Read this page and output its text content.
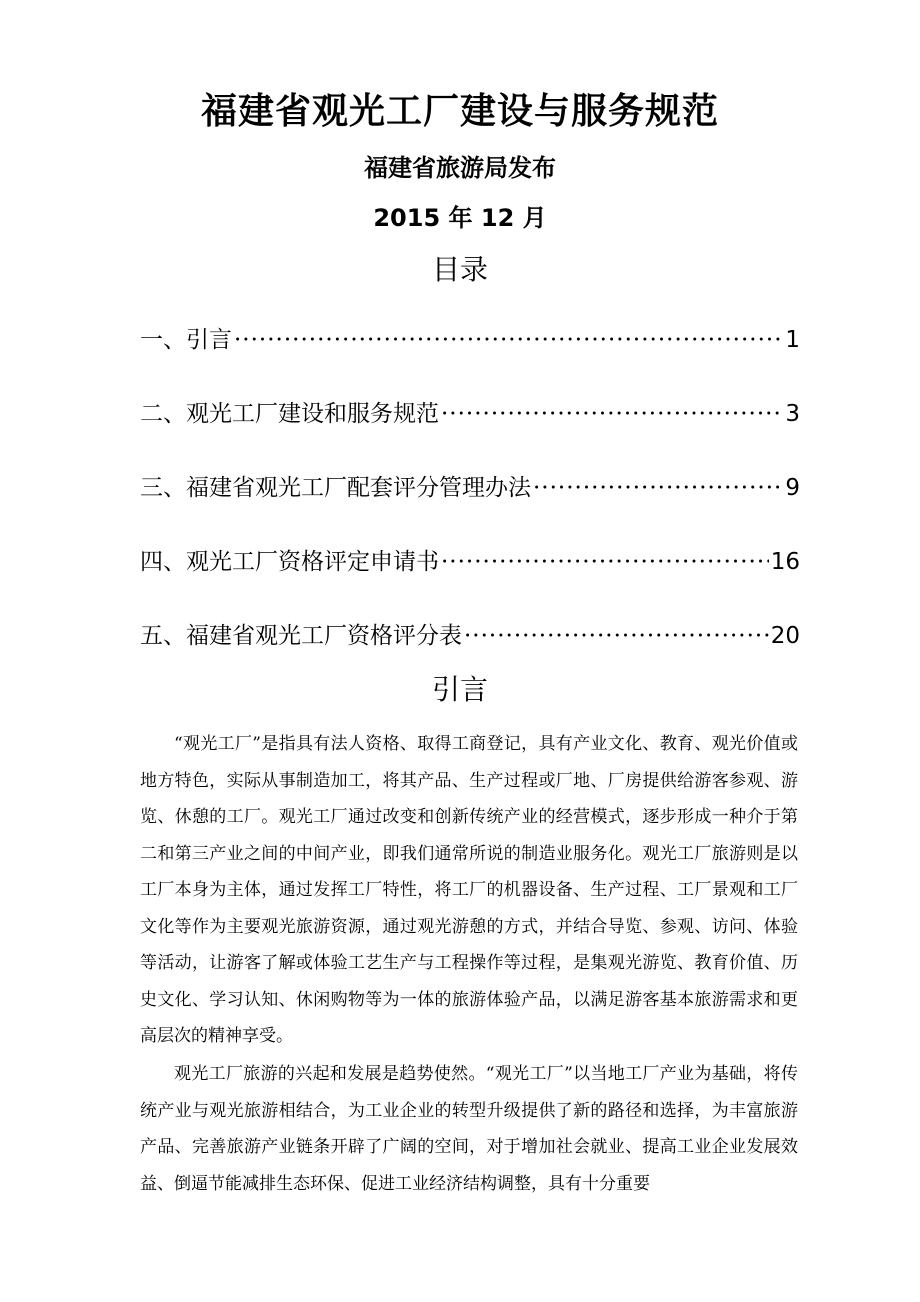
福建省观光工厂建设与服务规范
福建省旅游局发布
2015 年 12 月
目录
一、引言 ·····	1
二、观光工厂建设和服务规范 ·····	3
三、福建省观光工厂配套评分管理办法 ·····	9
四、观光工厂资格评定申请书 ·····	16
五、福建省观光工厂资格评分表 ·····	20
引言

“观光工厂”是指具有法人资格、取得工商登记，具有产业文化、教育、观光价值或地方特色，实际从事制造加工，将其产品、生产过程或厂地、厂房提供给游客参观、游览、休憩的工厂。观光工厂通过改变和创新传统产业的经营模式，逐步形成一种介于第二和第三产业之间的中间产业，即我们通常所说的制造业服务化。观光工厂旅游则是以工厂本身为主体，通过发挥工厂特性，将工厂的机器设备、生产过程、工厂景观和工厂文化等作为主要观光旅游资源，通过观光游憩的方式，并结合导览、参观、访问、体验等活动，让游客了解或体验工艺生产与工程操作等过程，是集观光游览、教育价值、历史文化、学习认知、休闲购物等为一体的旅游体验产品，以满足游客基本旅游需求和更高层次的精神享受。

观光工厂旅游的兴起和发展是趋势使然。“观光工厂”以当地工厂产业为基础，将传统产业与观光旅游相结合，为工业企业的转型升级提供了新的路径和选择，为丰富旅游产品、完善旅游产业链条开辟了广阔的空间，对于增加社会就业、提高工业企业发展效益、倒逼节能减排生态环保、促进工业经济结构调整，具有十分重要
